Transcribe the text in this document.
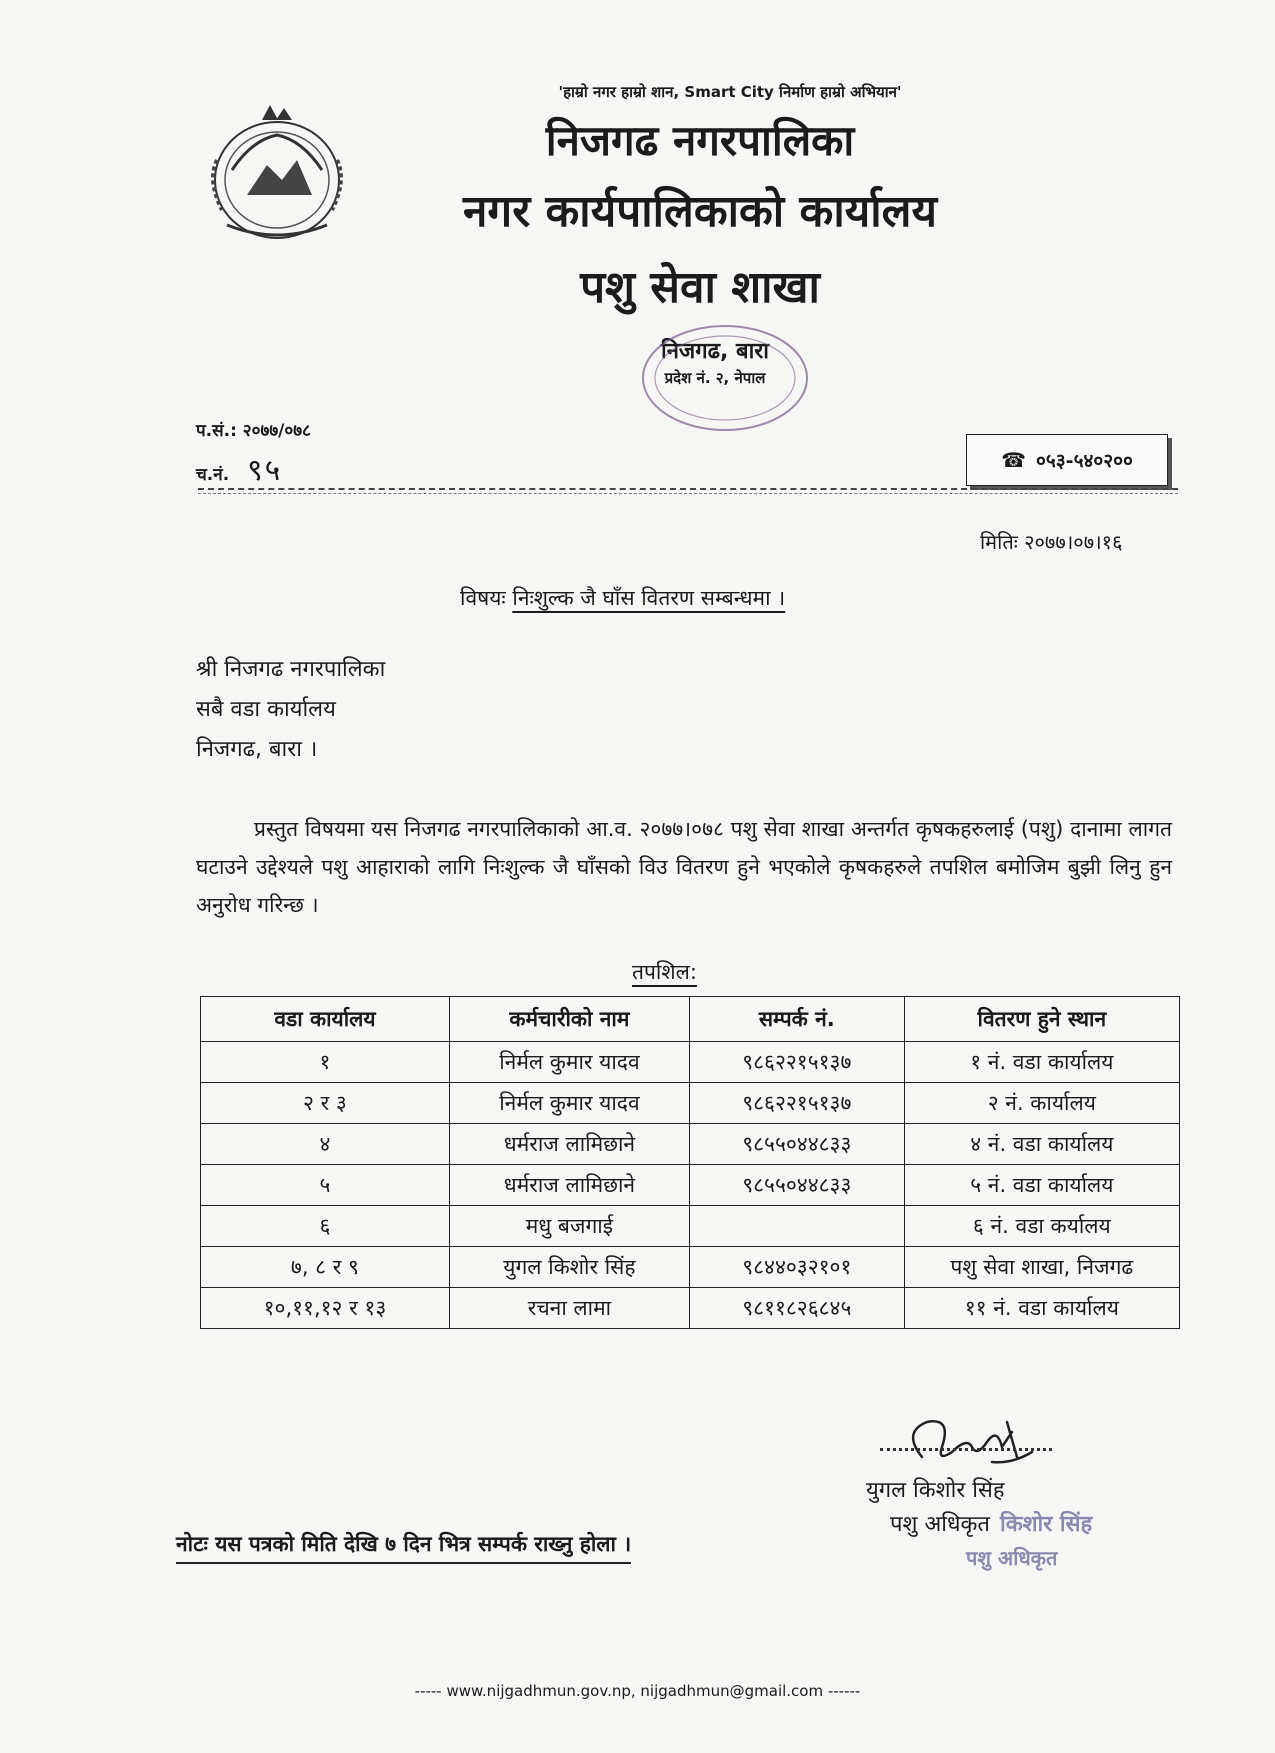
'हाम्रो नगर हाम्रो शान, Smart City निर्माण हाम्रो अभियान'
निजगढ नगरपालिका
नगर कार्यपालिकाको कार्यालय
पशु सेवा शाखा
निजगढ, बारा
प्रदेश नं. २, नेपाल
प.सं.: २०७७/०७८
च.नं. ९५	☎ ०५३-५४०२००
मितिः २०७७।०७।१६
विषयः निःशुल्क जै घाँस वितरण सम्बन्धमा ।
श्री निजगढ नगरपालिका
सबै वडा कार्यालय
निजगढ, बारा ।
प्रस्तुत विषयमा यस निजगढ नगरपालिकाको आ.व. २०७७।०७८ पशु सेवा शाखा अन्तर्गत कृषकहरुलाई (पशु) दानामा लागत घटाउने उद्देश्यले पशु आहाराको लागि निःशुल्क जै घाँसको विउ वितरण हुने भएकोले कृषकहरुले तपशिल बमोजिम बुझी लिनु हुन अनुरोध गरिन्छ ।
तपशिल:
वडा कार्यालय	कर्मचारीको नाम	सम्पर्क नं.	वितरण हुने स्थान
१	निर्मल कुमार यादव	९८६२२१५१३७	१ नं. वडा कार्यालय
२ र ३	निर्मल कुमार यादव	९८६२२१५१३७	२ नं. कार्यालय
४	धर्मराज लामिछाने	९८५५०४४८३३	४ नं. वडा कार्यालय
५	धर्मराज लामिछाने	९८५५०४४८३३	५ नं. वडा कार्यालय
६	मधु बजगाई		६ नं. वडा कर्यालय
७, ८ र ९	युगल किशोर सिंह	९८४४०३२१०१	पशु सेवा शाखा, निजगढ
१०,११,१२ र १३	रचना लामा	९८११८२६८४५	११ नं. वडा कार्यालय
युगल किशोर सिंह
पशु अधिकृत किशोर सिंह
पशु अधिकृत
नोटः यस पत्रको मिति देखि ७ दिन भित्र सम्पर्क राख्नु होला ।
----- www.nijgadhmun.gov.np, nijgadhmun@gmail.com ------
